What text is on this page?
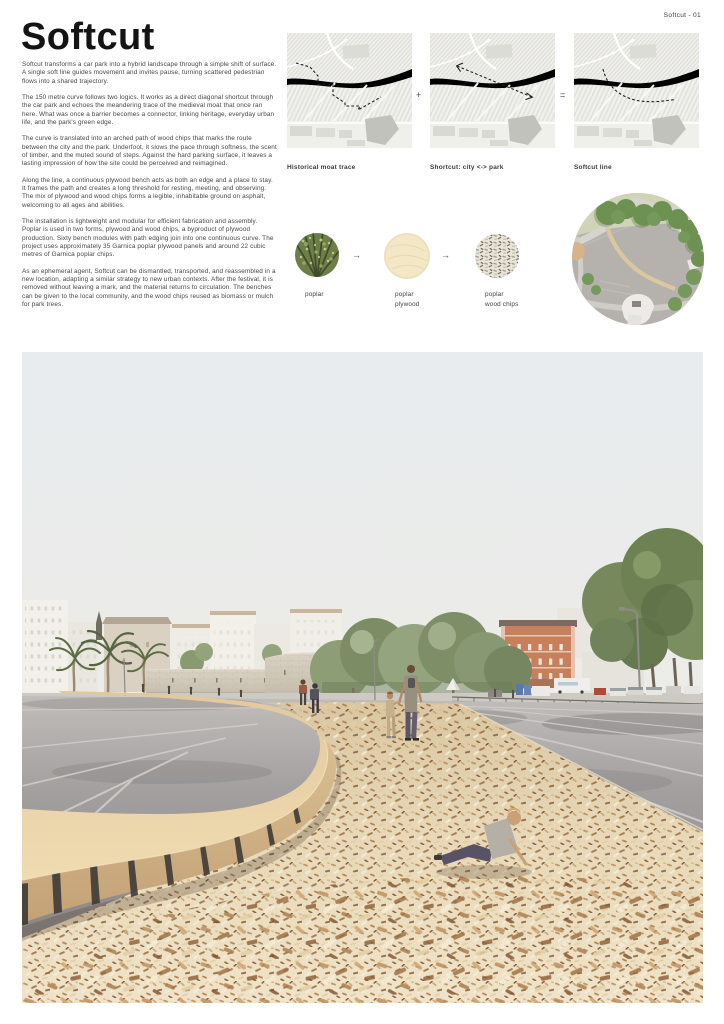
Softcut - 01
Softcut

Softcut transforms a car park into a hybrid landscape through a simple shift of surface. A single soft line guides movement and invites pause, turning scattered pedestrian flows into a shared trajectory.

The 150 metre curve follows two logics. It works as a direct diagonal shortcut through the car park and echoes the meandering trace of the medieval moat that once ran here. What was once a barrier becomes a connector, linking heritage, everyday urban life, and the park's green edge.

The curve is translated into an arched path of wood chips that marks the route between the city and the park. Underfoot, it slows the pace through softness, the scent of timber, and the muted sound of steps. Against the hard parking surface, it leaves a lasting impression of how the site could be perceived and reimagined.

Along the line, a continuous plywood bench acts as both an edge and a place to stay. It frames the path and creates a long threshold for resting, meeting, and observing. The mix of plywood and wood chips forms a legible, inhabitable ground on asphalt, welcoming to all ages and abilities.

The installation is lightweight and modular for efficient fabrication and assembly. Poplar is used in two forms, plywood and wood chips, a byproduct of plywood production. Sixty bench modules with path edging join into one continuous curve. The project uses approximately 35 Garnica poplar plywood panels and around 22 cubic metres of Garnica poplar chips.

As an ephemeral agent, Softcut can be dismantled, transported, and reassembled in a new location, adapting a similar strategy to new urban contexts. After the festival, it is removed without leaving a mark, and the material returns to circulation. The benches can be given to the local community, and the wood chips reused as biomass or mulch for park trees.

Historical moat trace
+
Shortcut: city <-> park
=
Softcut line
→	→
poplar	poplar plywood
poplar wood chips
